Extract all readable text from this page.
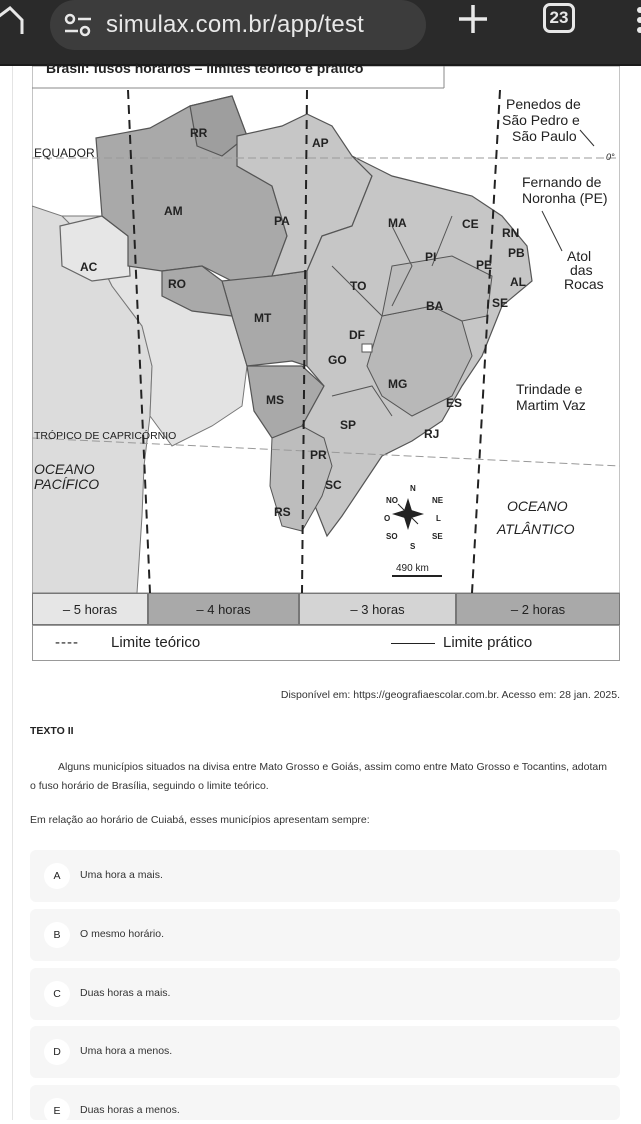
simulax.com.br/app/test	23
Brasil: fusos horários – limites teórico e prático
EQUADOR
TRÓPICO DE CAPRICÓRNIO
OCEANO
PACÍFICO
OCEANO
ATLÂNTICO
Penedos de
São Pedro e
São Paulo
0°
Fernando de
Noronha (PE)
Atol
das
Rocas
Trindade e
Martim Vaz
RR
AP
AM
PA	MA	CE
RN
PB
PE
AL
SE
PI
AC
RO	TO
BA
MT
DF
GO
MG
MS	ES
SP
RJ
PR
SC
RS
N
NE
NO
O	L
SO	SE
S
490 km
– 5 horas	– 4 horas	– 3 horas	– 2 horas
---- Limite teórico	Limite prático
Disponível em: https://geografiaescolar.com.br. Acesso em: 28 jan. 2025.
TEXTO II
Alguns municípios situados na divisa entre Mato Grosso e Goiás, assim como entre Mato Grosso e Tocantins, adotam o fuso horário de Brasília, seguindo o limite teórico.
Em relação ao horário de Cuiabá, esses municípios apresentam sempre:
A	Uma hora a mais.
B	O mesmo horário.
C	Duas horas a mais.
D	Uma hora a menos.
E	Duas horas a menos.
